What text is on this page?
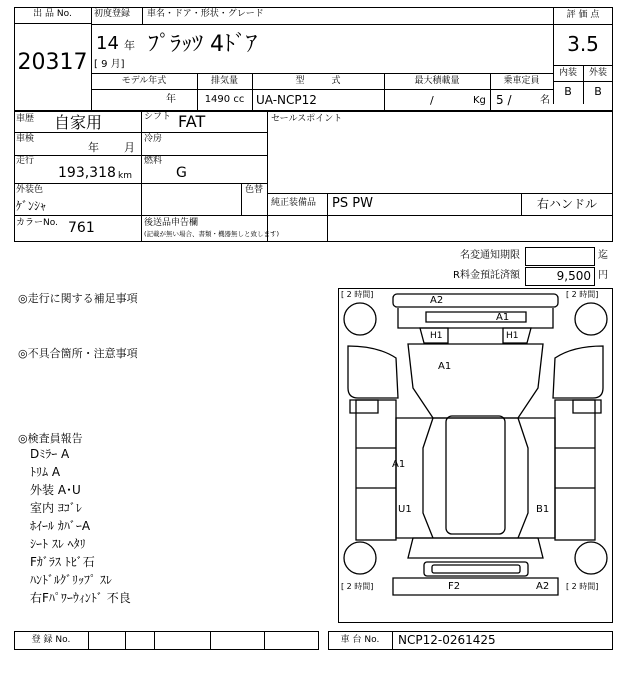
出 品 No.
20317
初度登録
14 年
[ 9 月]
車名・ドア・形状・グレード
ﾌﾟﾗｯﾂ 4ﾄﾞｱ
評 価 点
3.5
内装	外装
B	B
モデル年式
年
排気量
1490 cc
型　　　式
UA-NCP12
最大積載量
/	Kg
乗車定員
5 /	名
車歴 自家用	シフト FAT	セールスポイント
車検
年 月
冷房
走行
193,318 km
燃料
G
外装色
ｹﾞﾝｼｬ
色替
純正装備品 PS PW	右ハンドル
カラーNo. 761	後送品申告欄
(記載が無い場合、書類・機器無しと致します)
名変通知期限	迄
R料金預託済額	9,500 円
◎走行に関する補足事項
◎不具合箇所・注意事項
◎検査員報告
Dﾐﾗｰ A
ﾄﾘﾑ A
外装 A･U
室内 ﾖｺﾞﾚ
ﾎｲｰﾙ ｶﾊﾞｰA
ｼｰﾄ ｽﾚ ﾍﾀﾘ
Fｶﾞﾗｽ ﾄﾋﾞ石
ﾊﾝﾄﾞﾙｸﾞﾘｯﾌﾟ ｽﾚ
右Fﾊﾟﾜｰｳｨﾝﾄﾞ 不良
[ 2 時間]	[ 2 時間]
[ 2 時間]	[ 2 時間]
A2
A1
H1	H1
A1
A1
U1	B1
F2	A2
登 録 No.	車 台 No.	NCP12-0261425
